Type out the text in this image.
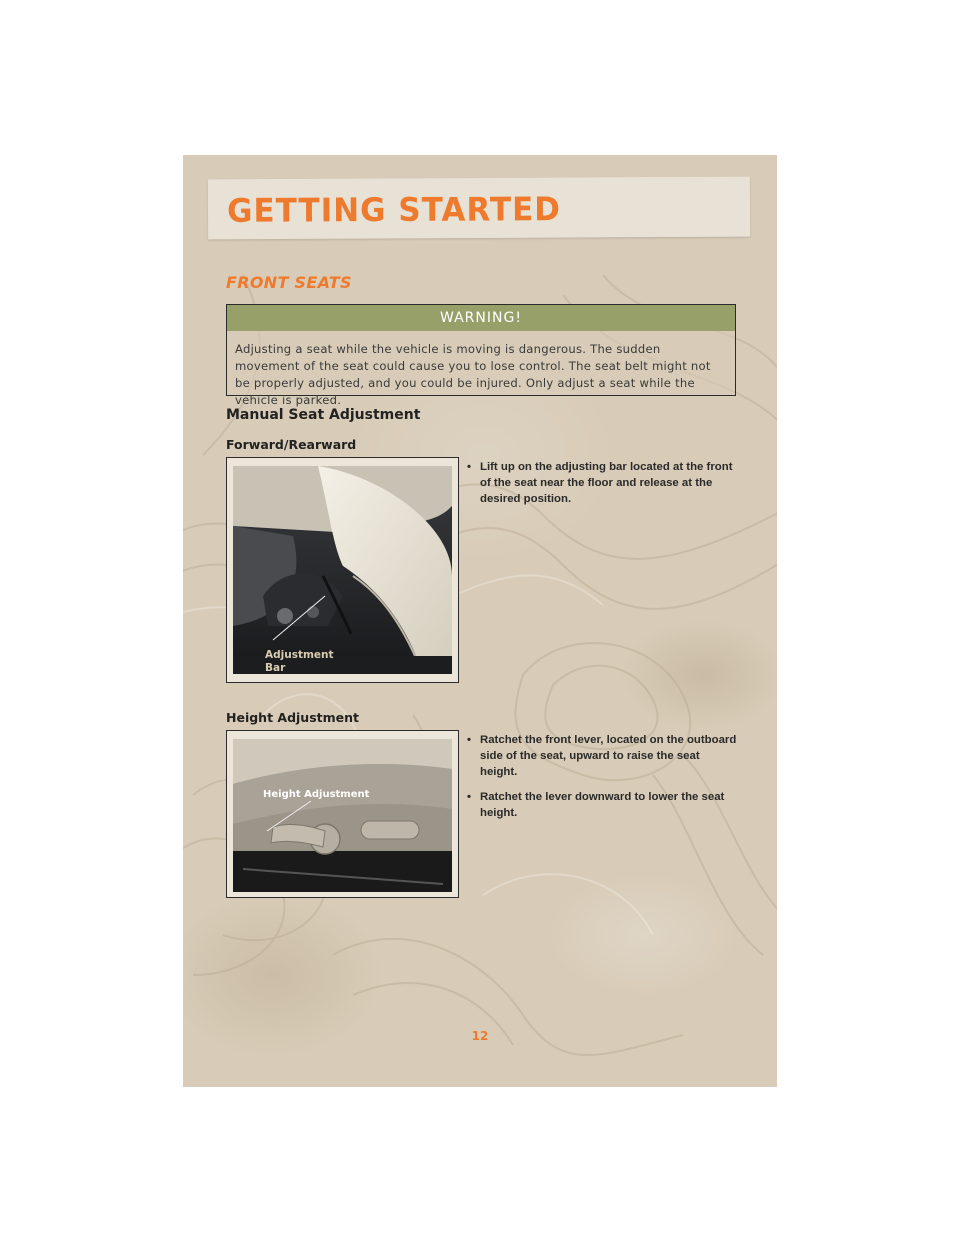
GETTING STARTED
FRONT SEATS
WARNING!
Adjusting a seat while the vehicle is moving is dangerous. The sudden movement of the seat could cause you to lose control. The seat belt might not be properly adjusted, and you could be injured. Only adjust a seat while the vehicle is parked.
Manual Seat Adjustment
Forward/Rearward
Adjustment
Bar
• Lift up on the adjusting bar located at the front of the seat near the floor and release at the desired position.
Height Adjustment
Height Adjustment
• Ratchet the front lever, located on the outboard side of the seat, upward to raise the seat height.
• Ratchet the lever downward to lower the seat height.
12
